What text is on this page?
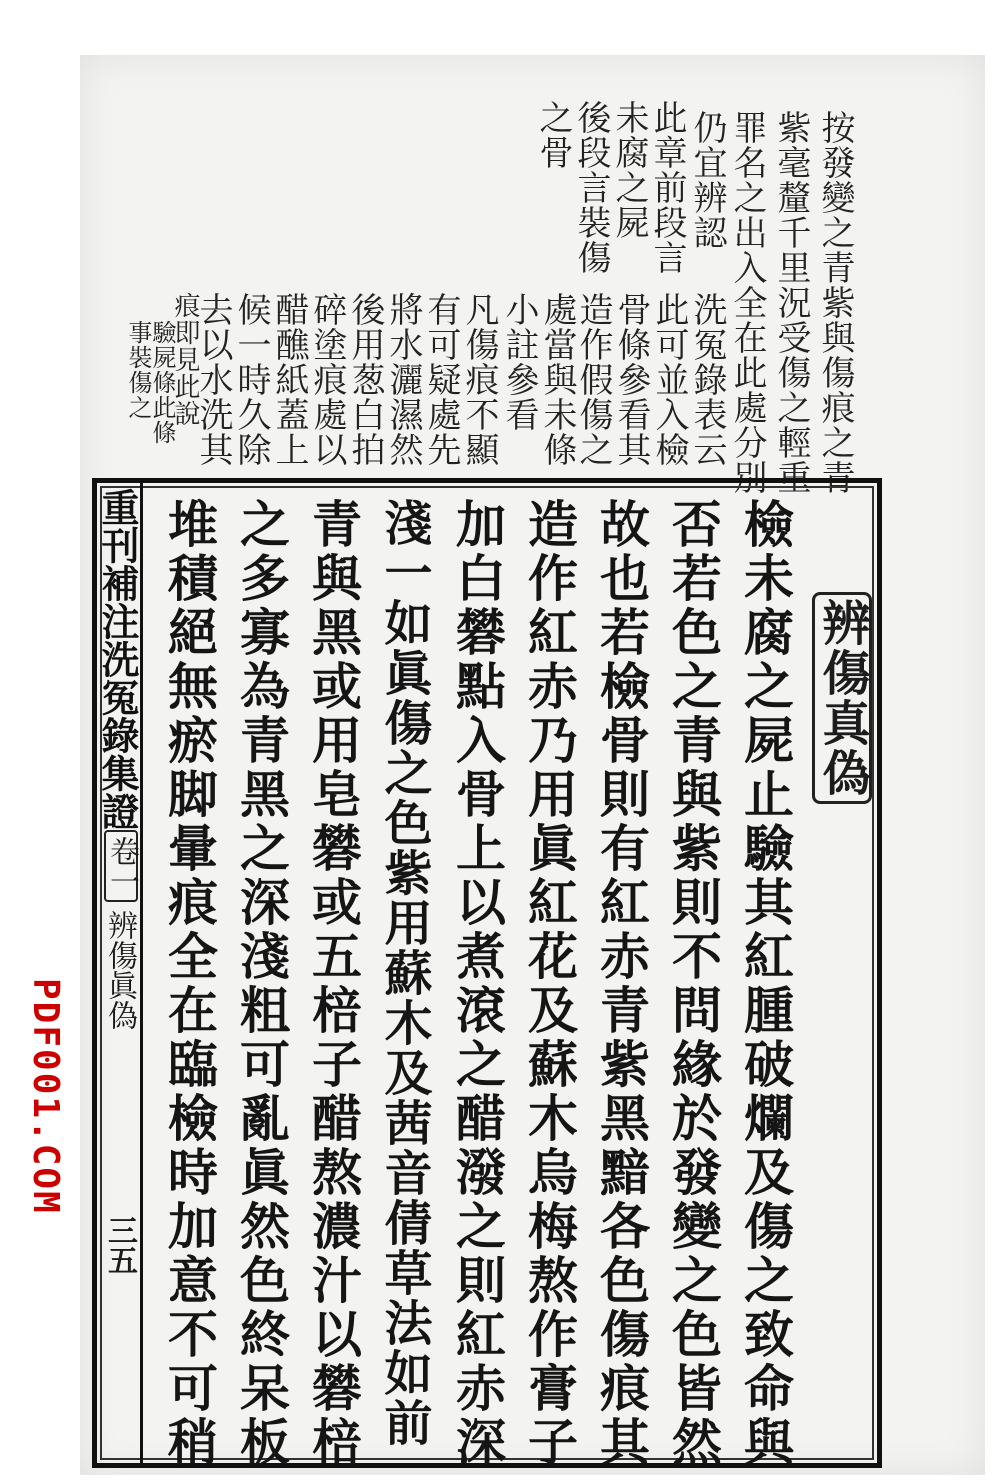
按發變之青紫與傷痕之青
紫毫釐千里況受傷之輕重
罪名之出入全在此處分別
仍宜辨認
此章前段言
未腐之屍
後段言裝傷
之骨
洗冤錄表云
此可並入檢
骨條參看其
造作假傷之
處當與未條
小註參看
凡傷痕不顯
有可疑處先
將水灑濕然
後用葱白拍
碎塗痕處以
醋醮紙蓋上
候一時久除
去以水洗其
痕即見此說
驗屍條此條
事裝傷之
辨傷真偽
檢未腐之屍止驗其紅腫破爛及傷之致命與
否若色之青與紫則不問緣於發變之色皆然
故也若檢骨則有紅赤青紫黑黯各色傷痕其
造作紅赤乃用眞紅花及蘇木烏梅熬作膏子
加白礬點入骨上以煮滾之醋潑之則紅赤深
淺一如眞傷之色紫用蘇木及茜音倩草法如前
青與黑或用皂礬或五棓子醋熬濃汁以礬棓
之多寡為青黑之深淺粗可亂眞然色終呆板
堆積絕無瘀脚暈痕全在臨檢時加意不可稍
重刊補注洗冤錄集證
卷一
辨傷眞偽
三五
PDF001.COM
